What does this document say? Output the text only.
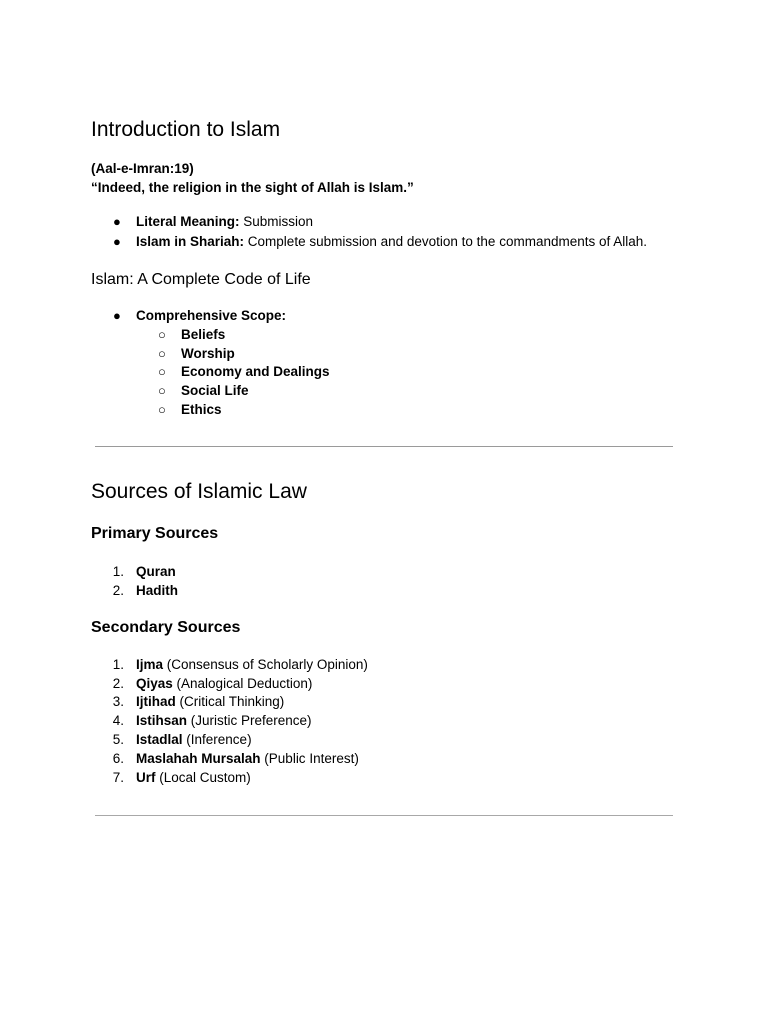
Introduction to Islam
(Aal-e-Imran:19)
“Indeed, the religion in the sight of Allah is Islam.”
● Literal Meaning: Submission
● Islam in Shariah: Complete submission and devotion to the commandments of Allah.
Islam: A Complete Code of Life
● Comprehensive Scope:
○ Beliefs
○ Worship
○ Economy and Dealings
○ Social Life
○ Ethics
Sources of Islamic Law
Primary Sources
1. Quran
2. Hadith
Secondary Sources
1. Ijma (Consensus of Scholarly Opinion)
2. Qiyas (Analogical Deduction)
3. Ijtihad (Critical Thinking)
4. Istihsan (Juristic Preference)
5. Istadlal (Inference)
6. Maslahah Mursalah (Public Interest)
7. Urf (Local Custom)
